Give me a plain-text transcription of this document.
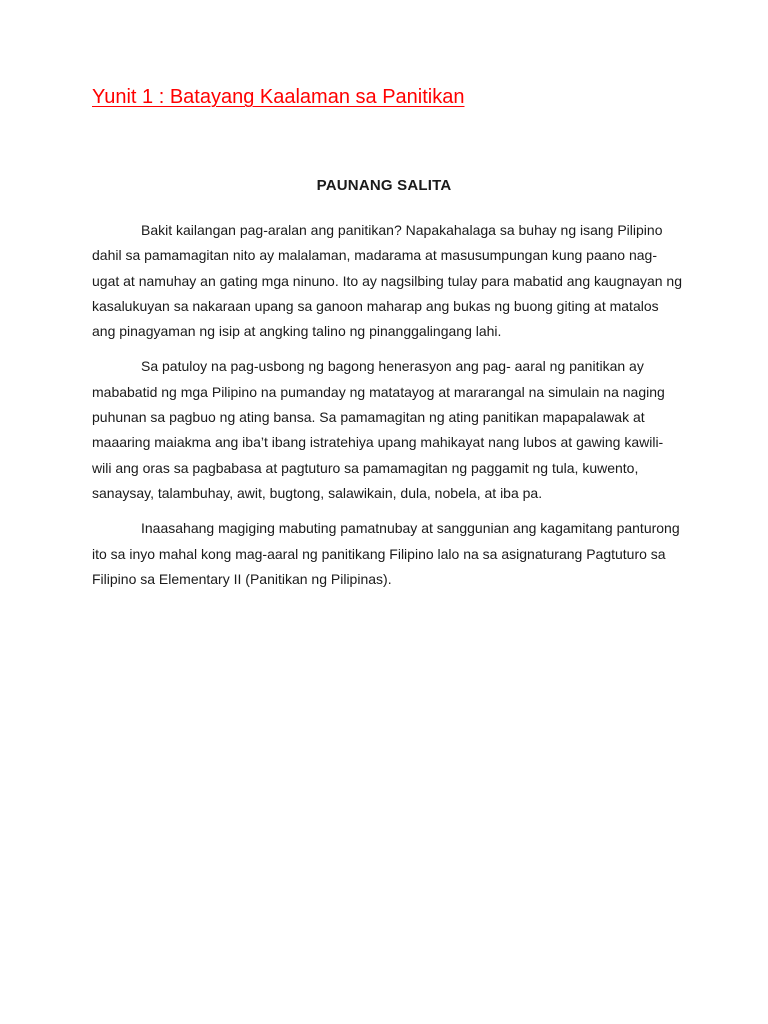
Yunit 1 : Batayang Kaalaman sa Panitikan
PAUNANG SALITA

Bakit kailangan pag-aralan ang panitikan? Napakahalaga sa buhay ng isang Pilipino dahil sa pamamagitan nito ay malalaman, madarama at masusumpungan kung paano nag-ugat at namuhay an gating mga ninuno. Ito ay nagsilbing tulay para mabatid ang kaugnayan ng kasalukuyan sa nakaraan upang sa ganoon maharap ang bukas ng buong giting at matalos ang pinagyaman ng isip at angking talino ng pinanggalingang lahi.

Sa patuloy na pag-usbong ng bagong henerasyon ang pag- aaral ng panitikan ay mababatid ng mga Pilipino na pumanday ng matatayog at mararangal na simulain na naging puhunan sa pagbuo ng ating bansa. Sa pamamagitan ng ating panitikan mapapalawak at maaaring maiakma ang iba’t ibang istratehiya upang mahikayat nang lubos at gawing kawili- wili ang oras sa pagbabasa at pagtuturo sa pamamagitan ng paggamit ng tula, kuwento, sanaysay, talambuhay, awit, bugtong, salawikain, dula, nobela, at iba pa.

Inaasahang magiging mabuting pamatnubay at sanggunian ang kagamitang panturong ito sa inyo mahal kong mag-aaral ng panitikang Filipino lalo na sa asignaturang Pagtuturo sa Filipino sa Elementary II (Panitikan ng Pilipinas).
